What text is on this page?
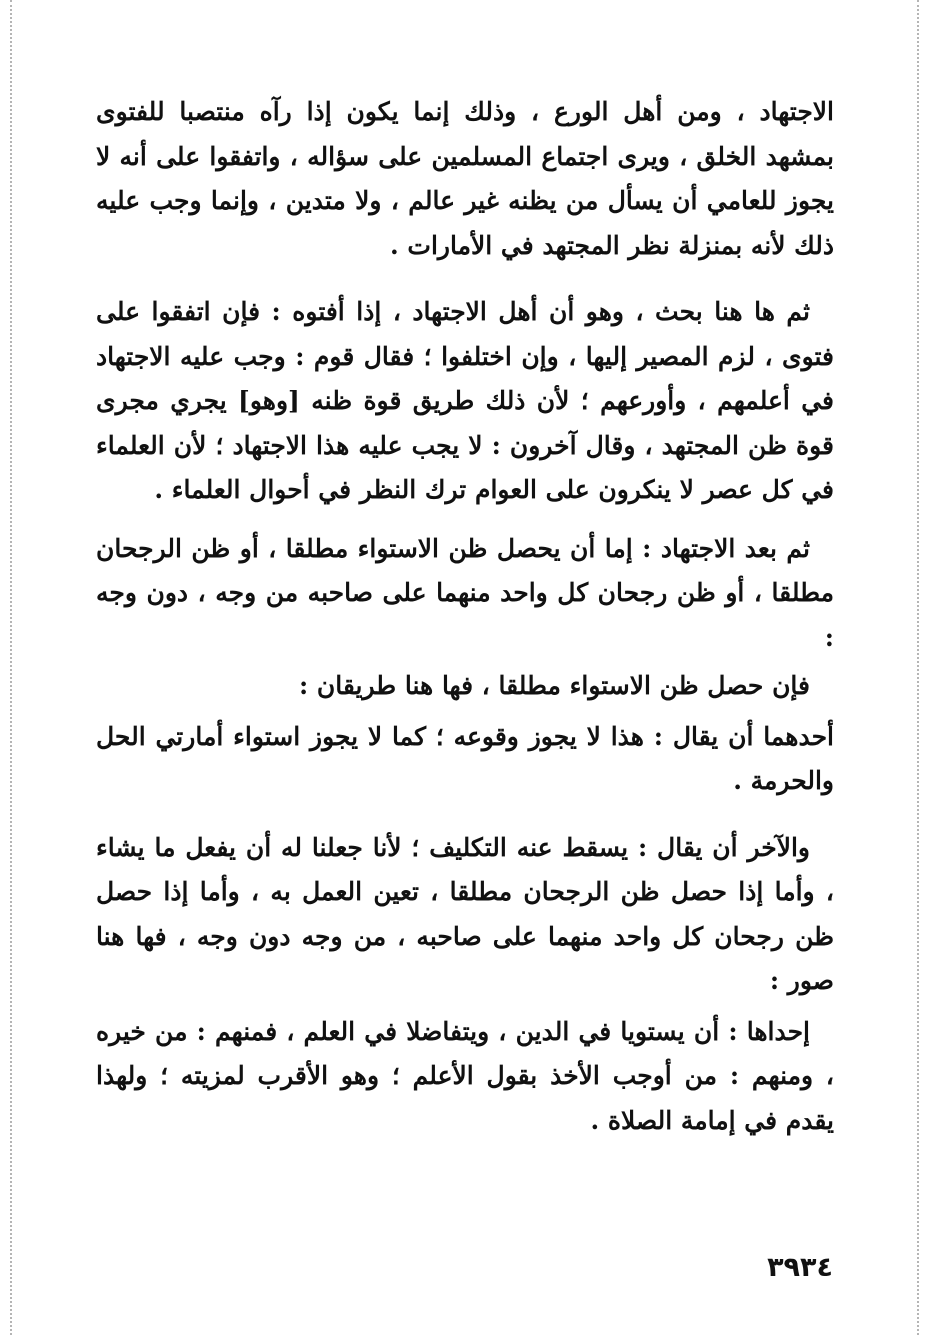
الاجتهاد ، ومن أهل الورع ، وذلك إنما يكون إذا رآه منتصبا للفتوى بمشهد الخلق ، ويرى اجتماع المسلمين على سؤاله ، واتفقوا على أنه لا يجوز للعامي أن يسأل من يظنه غير عالم ، ولا متدين ، وإنما وجب عليه ذلك لأنه بمنزلة نظر المجتهد في الأمارات .

ثم ها هنا بحث ، وهو أن أهل الاجتهاد ، إذا أفتوه : فإن اتفقوا على فتوى ، لزم المصير إليها ، وإن اختلفوا ؛ فقال قوم : وجب عليه الاجتهاد في أعلمهم ، وأورعهم ؛ لأن ذلك طريق قوة ظنه [وهو] يجري مجرى قوة ظن المجتهد ، وقال آخرون : لا يجب عليه هذا الاجتهاد ؛ لأن العلماء في كل عصر لا ينكرون على العوام ترك النظر في أحوال العلماء .

ثم بعد الاجتهاد : إما أن يحصل ظن الاستواء مطلقا ، أو ظن الرجحان مطلقا ، أو ظن رجحان كل واحد منهما على صاحبه من وجه ، دون وجه :

فإن حصل ظن الاستواء مطلقا ، فها هنا طريقان :

أحدهما أن يقال : هذا لا يجوز وقوعه ؛ كما لا يجوز استواء أمارتي الحل والحرمة .

والآخر أن يقال : يسقط عنه التكليف ؛ لأنا جعلنا له أن يفعل ما يشاء ، وأما إذا حصل ظن الرجحان مطلقا ، تعين العمل به ، وأما إذا حصل ظن رجحان كل واحد منهما على صاحبه ، من وجه دون وجه ، فها هنا صور :

إحداها : أن يستويا في الدين ، ويتفاضلا في العلم ، فمنهم : من خيره ، ومنهم : من أوجب الأخذ بقول الأعلم ؛ وهو الأقرب لمزيته ؛ ولهذا يقدم في إمامة الصلاة .

٣٩٣٤
